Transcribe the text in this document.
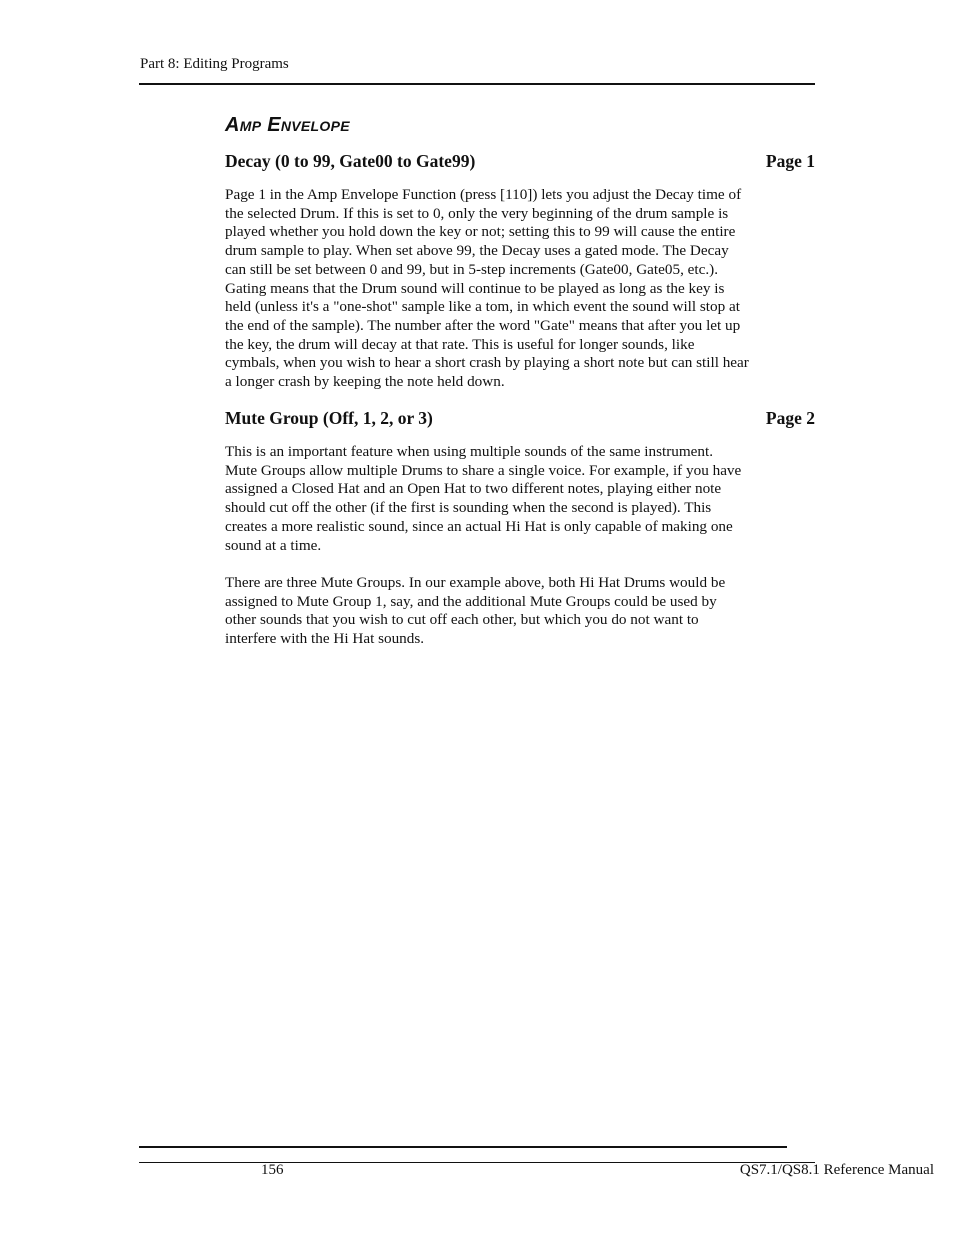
Part 8: Editing Programs
Amp Envelope
Decay (0 to 99, Gate00 to Gate99)	Page 1
Page 1 in the Amp Envelope Function (press [110]) lets you adjust the Decay time of
the selected Drum. If this is set to 0, only the very beginning of the drum sample is
played whether you hold down the key or not; setting this to 99 will cause the entire
drum sample to play. When set above 99, the Decay uses a gated mode. The Decay
can still be set between 0 and 99, but in 5-step increments (Gate00, Gate05, etc.).
Gating means that the Drum sound will continue to be played as long as the key is
held (unless it's a "one-shot" sample like a tom, in which event the sound will stop at
the end of the sample). The number after the word "Gate" means that after you let up
the key, the drum will decay at that rate. This is useful for longer sounds, like
cymbals, when you wish to hear a short crash by playing a short note but can still hear
a longer crash by keeping the note held down.
Mute Group (Off, 1, 2, or 3)	Page 2
This is an important feature when using multiple sounds of the same instrument.
Mute Groups allow multiple Drums to share a single voice. For example, if you have
assigned a Closed Hat and an Open Hat to two different notes, playing either note
should cut off the other (if the first is sounding when the second is played). This
creates a more realistic sound, since an actual Hi Hat is only capable of making one
sound at a time.
There are three Mute Groups. In our example above, both Hi Hat Drums would be
assigned to Mute Group 1, say, and the additional Mute Groups could be used by
other sounds that you wish to cut off each other, but which you do not want to
interfere with the Hi Hat sounds.
156	QS7.1/QS8.1 Reference Manual
